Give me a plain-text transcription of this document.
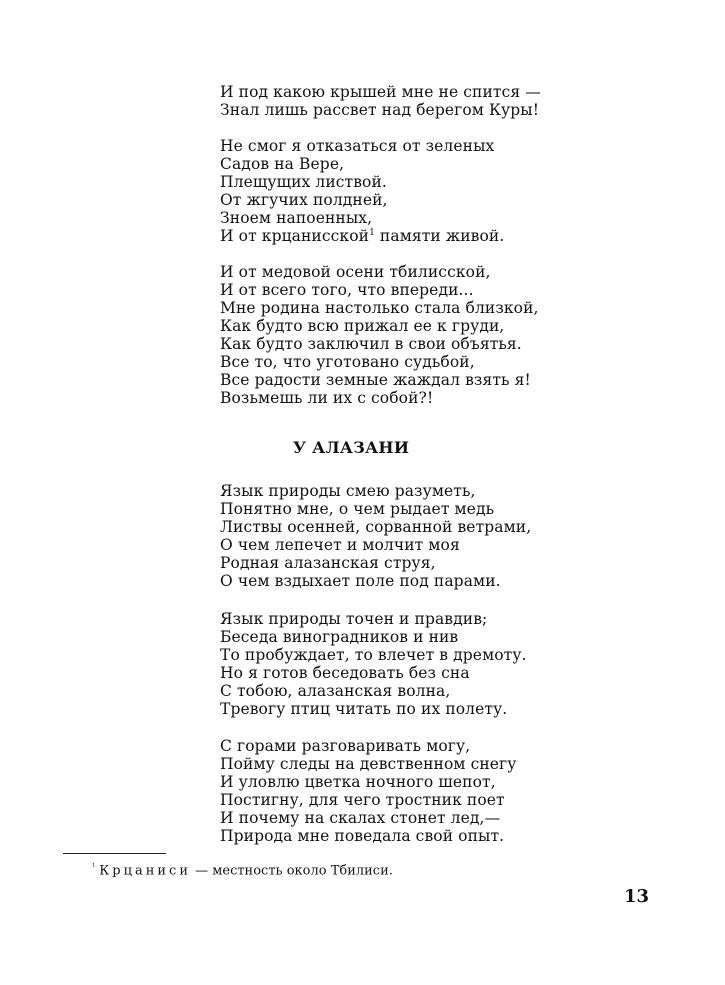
И под какою крышей мне не спится —
Знал лишь рассвет над берегом Куры!
Не смог я отказаться от зеленых
Садов на Вере,
Плещущих листвой.
От жгучих полдней,
Зноем напоенных,
И от крцанисской$^1$ памяти живой.
И от медовой осени тбилисской,
И от всего того, что впереди...
Мне родина настолько стала близкой,
Как будто всю прижал ее к груди,
Как будто заключил в свои объятья.
Все то, что уготовано судьбой,
Все радости земные жаждал взять я!
Возьмешь ли их с собой?!
У АЛАЗАНИ
Язык природы смею разуметь,
Понятно мне, о чем рыдает медь
Листвы осенней, сорванной ветрами,
О чем лепечет и молчит моя
Родная алазанская струя,
О чем вздыхает поле под парами.
Язык природы точен и правдив;
Беседа виноградников и нив
То пробуждает, то влечет в дремоту.
Но я готов беседовать без сна
С тобою, алазанская волна,
Тревогу птиц читать по их полету.
С горами разговаривать могу,
Пойму следы на девственном снегу
И уловлю цветка ночного шепот,
Постигну, для чего тростник поет
И почему на скалах стонет лед,—
Природа мне поведала свой опыт.
$^{^1}$ Крцаниси — местность около Тбилиси.
13
